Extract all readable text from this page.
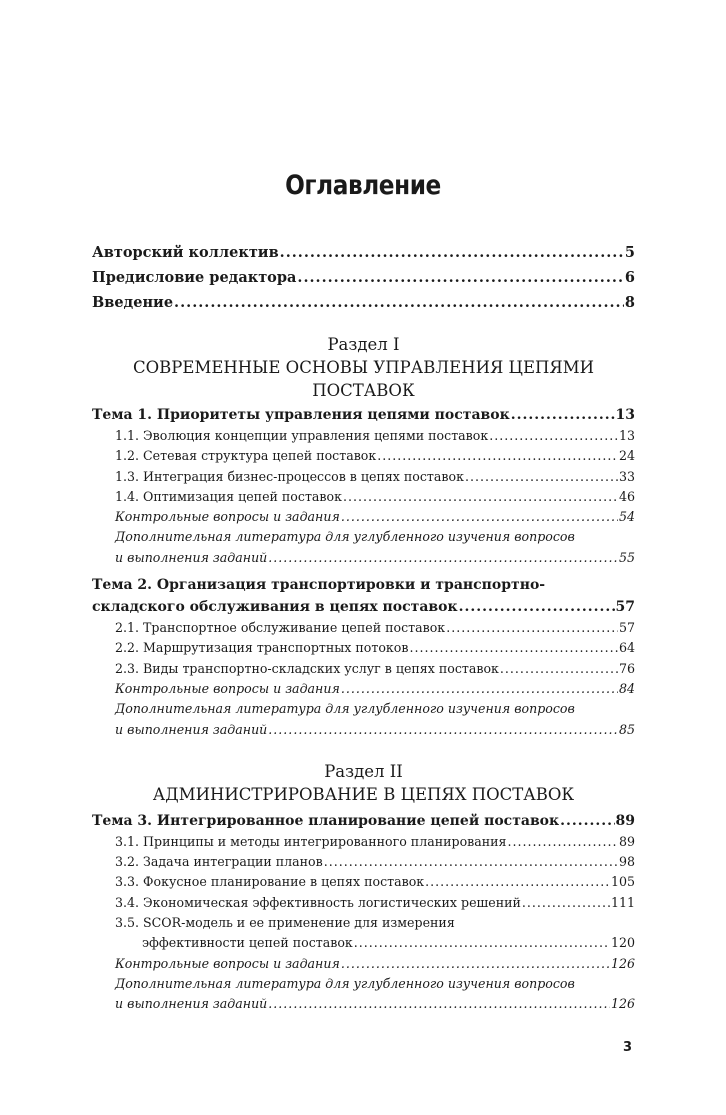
Оглавление
Авторский коллектив .....	5
Предисловие редактора .....	6
Введение .....	8
Раздел I
СОВРЕМЕННЫЕ ОСНОВЫ УПРАВЛЕНИЯ ЦЕПЯМИ
ПОСТАВОК
Тема 1. Приоритеты управления цепями поставок .....	13
1.1. Эволюция концепции управления цепями поставок .....	13
1.2. Сетевая структура цепей поставок .....	24
1.3. Интеграция бизнес-процессов в цепях поставок .....	33
1.4. Оптимизация цепей поставок .....	46
Контрольные вопросы и задания .....	54
Дополнительная литература для углубленного изучения вопросов
и выполнения заданий .....	55
Тема 2. Организация транспортировки и транспортно-
складского обслуживания в цепях поставок .....	57
2.1. Транспортное обслуживание цепей поставок .....	57
2.2. Маршрутизация транспортных потоков .....	64
2.3. Виды транспортно-складских услуг в цепях поставок .....	76
Контрольные вопросы и задания .....	84
Дополнительная литература для углубленного изучения вопросов
и выполнения заданий .....	85
Раздел II
АДМИНИСТРИРОВАНИЕ В ЦЕПЯХ ПОСТАВОК
Тема 3. Интегрированное планирование цепей поставок .....	89
3.1. Принципы и методы интегрированного планирования .....	89
3.2. Задача интеграции планов .....	98
3.3. Фокусное планирование в цепях поставок .....	105
3.4. Экономическая эффективность логистических решений .....	111
3.5. SCOR-модель и ее применение для измерения
эффективности цепей поставок .....	120
Контрольные вопросы и задания .....	126
Дополнительная литература для углубленного изучения вопросов
и выполнения заданий .....	126
3
